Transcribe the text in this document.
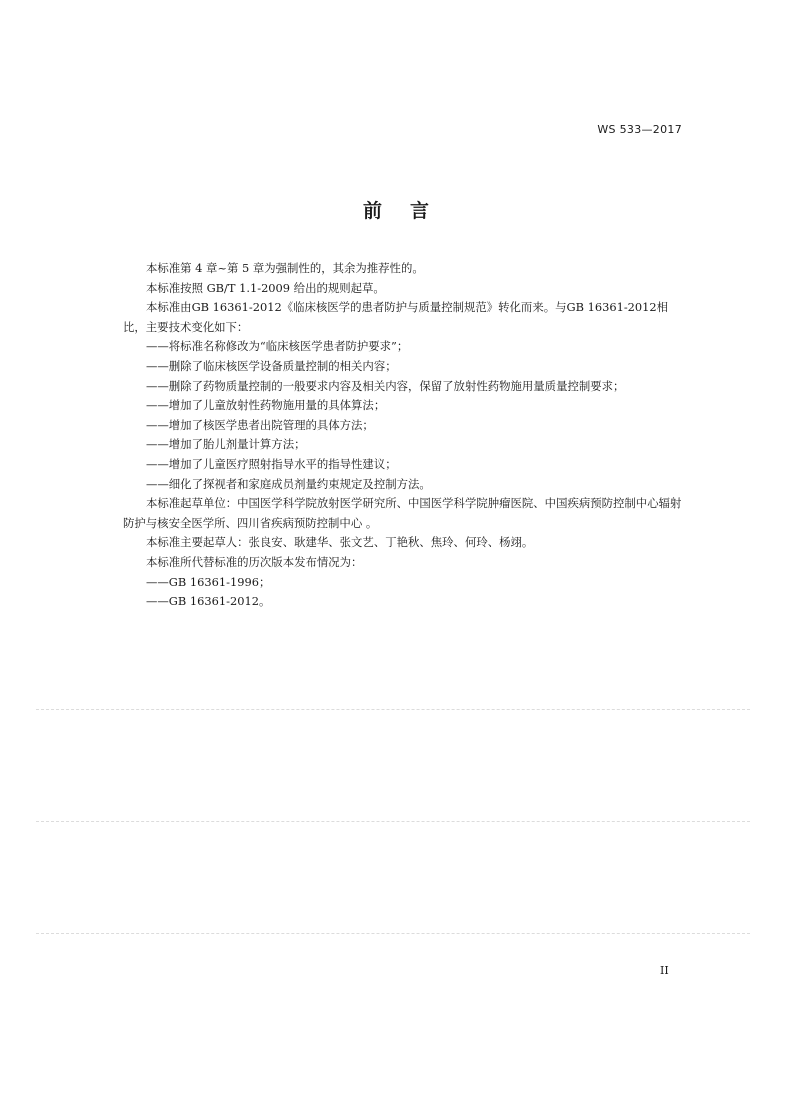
WS 533—2017
前言

本标准第 4 章~第 5 章为强制性的，其余为推荐性的。

本标准按照 GB/T 1.1-2009 给出的规则起草。

本标准由GB 16361-2012《临床核医学的患者防护与质量控制规范》转化而来。与GB 16361-2012相比，主要技术变化如下：

——将标准名称修改为“临床核医学患者防护要求”；

——删除了临床核医学设备质量控制的相关内容；

——删除了药物质量控制的一般要求内容及相关内容，保留了放射性药物施用量质量控制要求；

——增加了儿童放射性药物施用量的具体算法；

——增加了核医学患者出院管理的具体方法；

——增加了胎儿剂量计算方法；

——增加了儿童医疗照射指导水平的指导性建议；

——细化了探视者和家庭成员剂量约束规定及控制方法。

本标准起草单位：中国医学科学院放射医学研究所、中国医学科学院肿瘤医院、中国疾病预防控制中心辐射防护与核安全医学所、四川省疾病预防控制中心 。

本标准主要起草人：张良安、耿建华、张文艺、丁艳秋、焦玲、何玲、杨翊。

本标准所代替标准的历次版本发布情况为：

——GB 16361-1996；

——GB 16361-2012。

II
